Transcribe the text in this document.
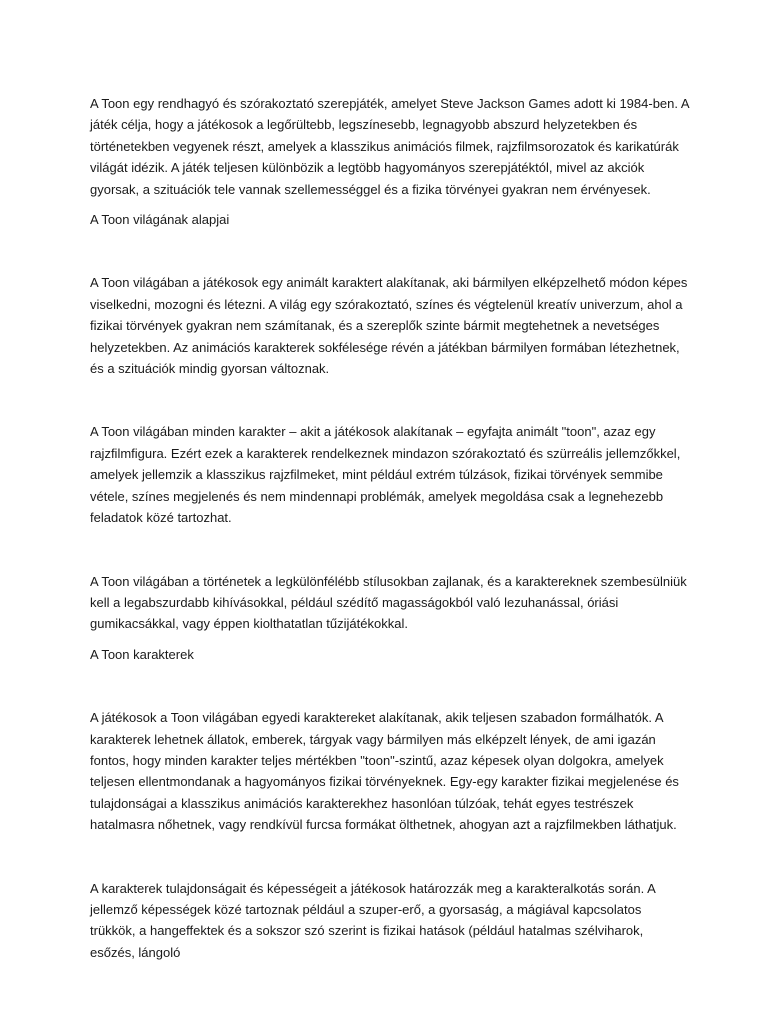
A Toon egy rendhagyó és szórakoztató szerepjáték, amelyet Steve Jackson Games adott ki 1984-ben. A játék célja, hogy a játékosok a legőrültebb, legszínesebb, legnagyobb abszurd helyzetekben és történetekben vegyenek részt, amelyek a klasszikus animációs filmek, rajzfilmsorozatok és karikatúrák világát idézik. A játék teljesen különbözik a legtöbb hagyományos szerepjátéktól, mivel az akciók gyorsak, a szituációk tele vannak szellemességgel és a fizika törvényei gyakran nem érvényesek.

A Toon világának alapjai

A Toon világában a játékosok egy animált karaktert alakítanak, aki bármilyen elképzelhető módon képes viselkedni, mozogni és létezni. A világ egy szórakoztató, színes és végtelenül kreatív univerzum, ahol a fizikai törvények gyakran nem számítanak, és a szereplők szinte bármit megtehetnek a nevetséges helyzetekben. Az animációs karakterek sokfélesége révén a játékban bármilyen formában létezhetnek, és a szituációk mindig gyorsan változnak.

A Toon világában minden karakter – akit a játékosok alakítanak – egyfajta animált "toon", azaz egy rajzfilmfigura. Ezért ezek a karakterek rendelkeznek mindazon szórakoztató és szürreális jellemzőkkel, amelyek jellemzik a klasszikus rajzfilmeket, mint például extrém túlzások, fizikai törvények semmibe vétele, színes megjelenés és nem mindennapi problémák, amelyek megoldása csak a legnehezebb feladatok közé tartozhat.

A Toon világában a történetek a legkülönfélébb stílusokban zajlanak, és a karaktereknek szembesülniük kell a legabszurdabb kihívásokkal, például szédítő magasságokból való lezuhanással, óriási gumikacsákkal, vagy éppen kiolthatatlan tűzijátékokkal.

A Toon karakterek

A játékosok a Toon világában egyedi karaktereket alakítanak, akik teljesen szabadon formálhatók. A karakterek lehetnek állatok, emberek, tárgyak vagy bármilyen más elképzelt lények, de ami igazán fontos, hogy minden karakter teljes mértékben "toon"-szintű, azaz képesek olyan dolgokra, amelyek teljesen ellentmondanak a hagyományos fizikai törvényeknek. Egy-egy karakter fizikai megjelenése és tulajdonságai a klasszikus animációs karakterekhez hasonlóan túlzóak, tehát egyes testrészek hatalmasra nőhetnek, vagy rendkívül furcsa formákat ölthetnek, ahogyan azt a rajzfilmekben láthatjuk.

A karakterek tulajdonságait és képességeit a játékosok határozzák meg a karakteralkotás során. A jellemző képességek közé tartoznak például a szuper-erő, a gyorsaság, a mágiával kapcsolatos trükkök, a hangeffektek és a sokszor szó szerint is fizikai hatások (például hatalmas szélviharok, esőzés, lángoló
